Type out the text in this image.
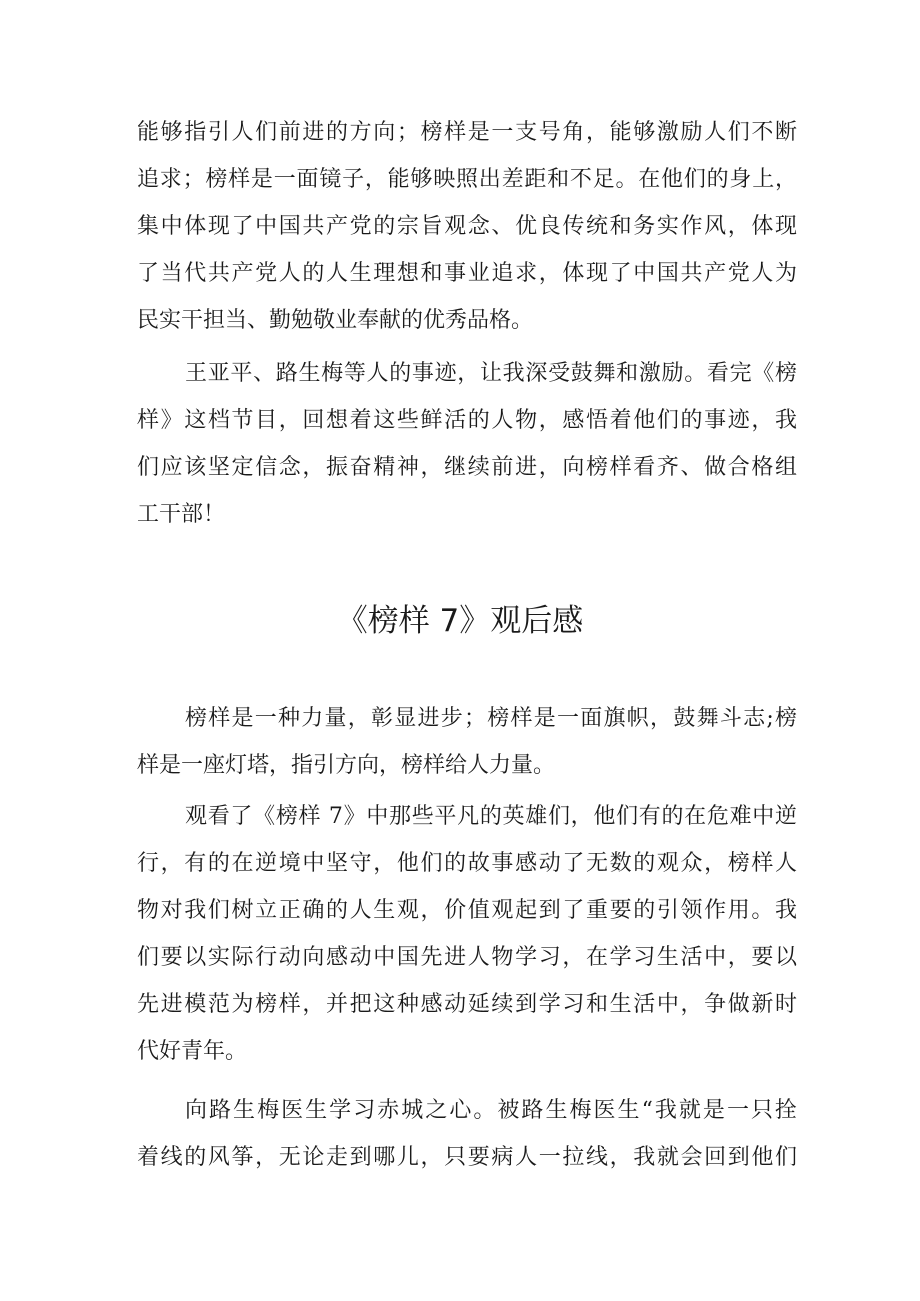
能够指引人们前进的方向；榜样是一支号角，能够激励人们不断
追求；榜样是一面镜子，能够映照出差距和不足。在他们的身上，
集中体现了中国共产党的宗旨观念、优良传统和务实作风，体现
了当代共产党人的人生理想和事业追求，体现了中国共产党人为
民实干担当、勤勉敬业奉献的优秀品格。
王亚平、路生梅等人的事迹，让我深受鼓舞和激励。看完《榜
样》这档节目，回想着这些鲜活的人物，感悟着他们的事迹，我
们应该坚定信念，振奋精神，继续前进，向榜样看齐、做合格组
工干部！
《榜样 7》观后感
榜样是一种力量，彰显进步；榜样是一面旗帜，鼓舞斗志;榜
样是一座灯塔，指引方向，榜样给人力量。
观看了《榜样 7》中那些平凡的英雄们，他们有的在危难中逆
行，有的在逆境中坚守，他们的故事感动了无数的观众，榜样人
物对我们树立正确的人生观，价值观起到了重要的引领作用。我
们要以实际行动向感动中国先进人物学习，在学习生活中，要以
先进模范为榜样，并把这种感动延续到学习和生活中，争做新时
代好青年。
向路生梅医生学习赤城之心。被路生梅医生“我就是一只拴
着线的风筝，无论走到哪儿，只要病人一拉线，我就会回到他们
